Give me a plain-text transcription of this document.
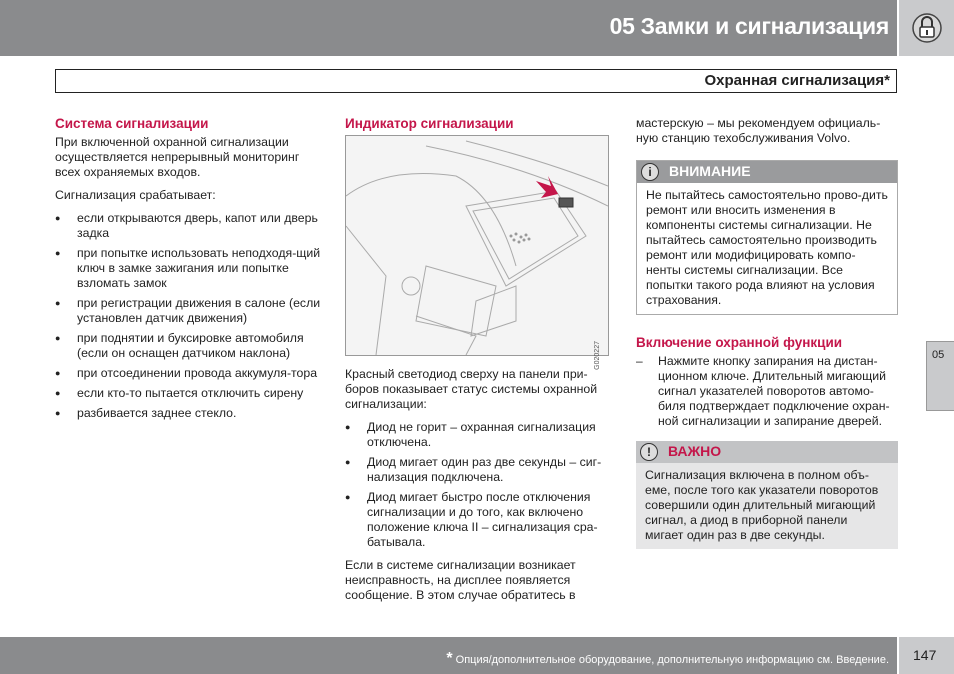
05 Замки и сигнализация
Охранная сигнализация*
Система сигнализации

При включенной охранной сигнализации осуществляется непрерывный мониторинг всех охраняемых входов.

Сигнализация срабатывает:

● если открываются дверь, капот или дверь задка
● при попытке использовать неподходя-щий ключ в замке зажигания или попытке взломать замок
● при регистрации движения в салоне (если установлен датчик движения)
● при поднятии и буксировке автомобиля (если он оснащен датчиком наклона)
● при отсоединении провода аккумуля-тора
● если кто-то пытается отключить сирену
● разбивается заднее стекло.
Индикатор сигнализации
G020227

Красный светодиод сверху на панели при-боров показывает статус системы охранной сигнализации:

● Диод не горит – охранная сигнализация отключена.
● Диод мигает один раз две секунды – сиг-нализация подключена.
● Диод мигает быстро после отключения сигнализации и до того, как включено положение ключа II – сигнализация сра-батывала.

Если в системе сигнализации возникает неисправность, на дисплее появляется сообщение. В этом случае обратитесь в

мастерскую – мы рекомендуем официаль-ную станцию техобслуживания Volvo.

i	ВНИМАНИЕ
Не пытайтесь самостоятельно прово-дить ремонт или вносить изменения в компоненты системы сигнализации. Не пытайтесь самостоятельно производить ремонт или модифицировать компо-ненты системы сигнализации. Все попытки такого рода влияют на условия страхования.
Включение охранной функции
– Нажмите кнопку запирания на дистан-ционном ключе. Длительный мигающий сигнал указателей поворотов автомо-биля подтверждает подключение охран-ной сигнализации и запирание дверей.
!	ВАЖНО
Сигнализация включена в полном объ-еме, после того как указатели поворотов совершили один длительный мигающий сигнал, а диод в приборной панели мигает один раз в две секунды.
05
* Опция/дополнительное оборудование, дополнительную информацию см. Введение. 147
